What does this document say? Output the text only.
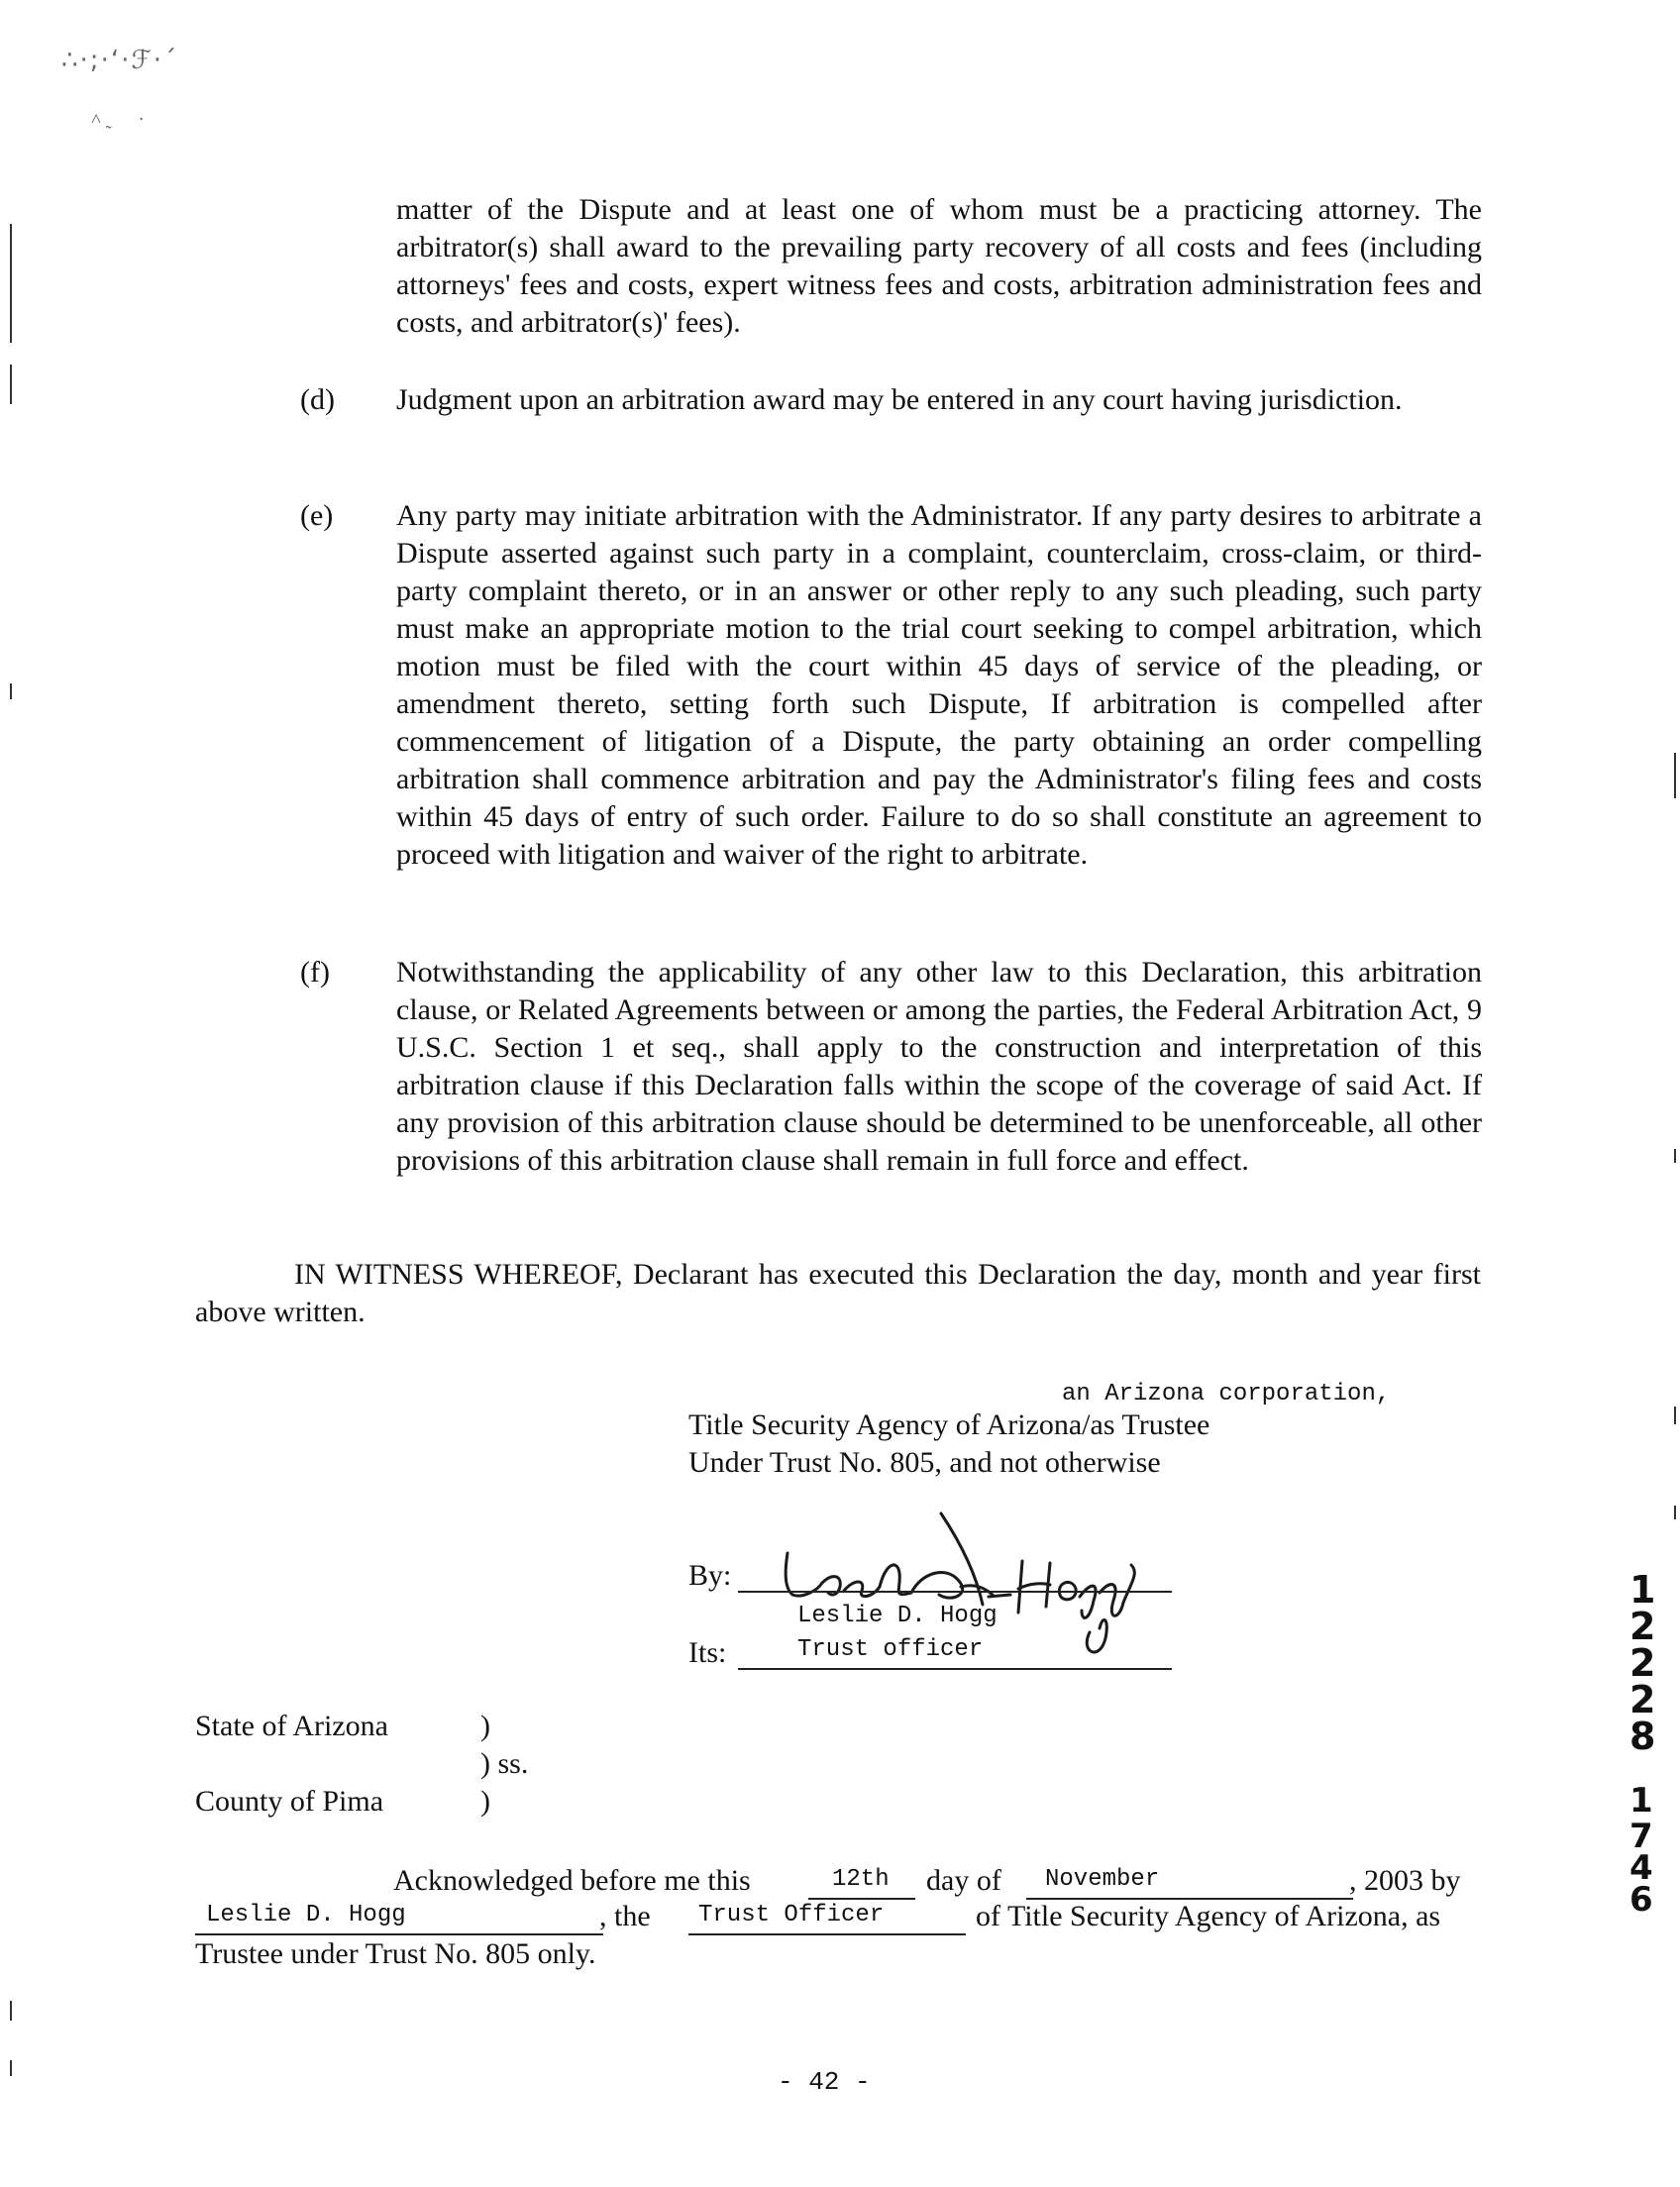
∴·;·‘·ℱ·ˊ
˄ ˷      ·
matter of the Dispute and at least one of whom must be a practicing attorney. The arbitrator(s) shall award to the prevailing party recovery of all costs and fees (including attorneys' fees and costs, expert witness fees and costs, arbitration administration fees and costs, and arbitrator(s)' fees).
(d) Judgment upon an arbitration award may be entered in any court having jurisdiction.
(e) Any party may initiate arbitration with the Administrator. If any party desires to arbitrate a Dispute asserted against such party in a complaint, counterclaim, cross-claim, or third-party complaint thereto, or in an answer or other reply to any such pleading, such party must make an appropriate motion to the trial court seeking to compel arbitration, which motion must be filed with the court within 45 days of service of the pleading, or amendment thereto, setting forth such Dispute, If arbitration is compelled after commencement of litigation of a Dispute, the party obtaining an order compelling arbitration shall commence arbitration and pay the Administrator's filing fees and costs within 45 days of entry of such order. Failure to do so shall constitute an agreement to proceed with litigation and waiver of the right to arbitrate.
(f) Notwithstanding the applicability of any other law to this Declaration, this arbitration clause, or Related Agreements between or among the parties, the Federal Arbitration Act, 9 U.S.C. Section 1 et seq., shall apply to the construction and interpretation of this arbitration clause if this Declaration falls within the scope of the coverage of said Act. If any provision of this arbitration clause should be determined to be unenforceable, all other provisions of this arbitration clause shall remain in full force and effect.
IN WITNESS WHEREOF, Declarant has executed this Declaration the day, month and year first above written.
an Arizona corporation,
Title Security Agency of Arizona/as Trustee
Under Trust No. 805, and not otherwise
By:
Leslie D. Hogg
Its:	Trust officer
State of Arizona	)
) ss.
County of Pima	)
Acknowledged before me this	12th day of November	, 2003 by
Leslie D. Hogg	, the Trust Officer	of Title Security Agency of Arizona, as
Trustee under Trust No. 805 only.
- 42 -
1
2
2
2
8
1
7
4
6
